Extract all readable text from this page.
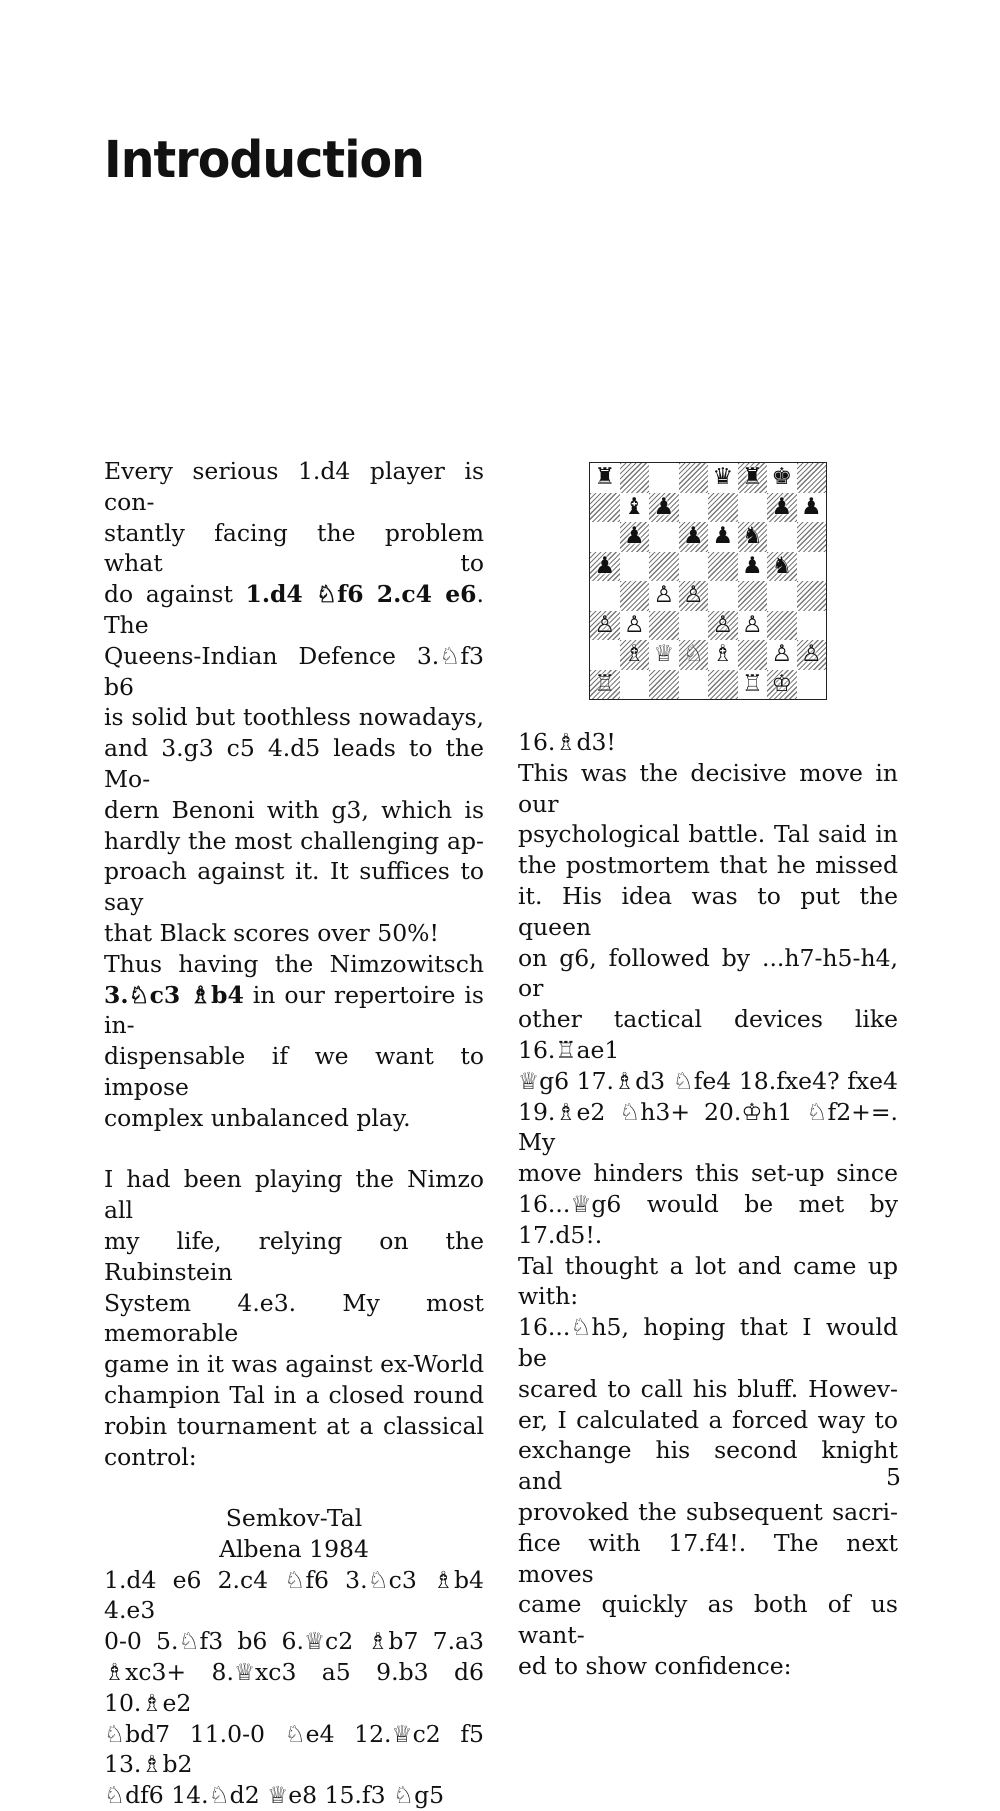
Introduction

Every serious 1.d4 player is con-

stantly facing the problem what to

do against 1.d4 ♘f6 2.c4 e6. The

Queens-Indian Defence 3.♘f3 b6

is solid but toothless nowadays,

and 3.g3 c5 4.d5 leads to the Mo-

dern Benoni with g3, which is

hardly the most challenging ap-

proach against it. It suffices to say

that Black scores over 50%!

Thus having the Nimzowitsch

3.♘c3 ♗b4 in our repertoire is in-

dispensable if we want to impose

complex unbalanced play.

I had been playing the Nimzo all

my life, relying on the Rubinstein

System 4.e3. My most memorable

game in it was against ex-World

champion Tal in a closed round

robin tournament at a classical

control:

Semkov-Tal

Albena 1984

1.d4 e6 2.c4 ♘f6 3.♘c3 ♗b4 4.e3

0-0 5.♘f3 b6 6.♕c2 ♗b7 7.a3

♗xc3+ 8.♕xc3 a5 9.b3 d6 10.♗e2

♘bd7 11.0-0 ♘e4 12.♕c2 f5 13.♗b2

♘df6 14.♘d2 ♕e8 15.f3 ♘g5

♜	♛ ♜ ♚
♝ ♟	♟ ♟
♟ ♟ ♟ ♞
♟	♟ ♞
♙ ♙
♙ ♙	♙ ♙
♗ ♕ ♘ ♗ ♙ ♙
♖	♖ ♔

16.♗d3!

This was the decisive move in our

psychological battle. Tal said in

the postmortem that he missed

it. His idea was to put the queen

on g6, followed by ...h7-h5-h4, or

other tactical devices like 16.♖ae1

♕g6 17.♗d3 ♘fe4 18.fxe4? fxe4

19.♗e2 ♘h3+ 20.♔h1 ♘f2+=. My

move hinders this set-up since

16...♕g6 would be met by 17.d5!.

Tal thought a lot and came up

with:

16...♘h5, hoping that I would be

scared to call his bluff. Howev-

er, I calculated a forced way to

exchange his second knight and

provoked the subsequent sacri-

fice with 17.f4!. The next moves

came quickly as both of us want-

ed to show confidence:

5
